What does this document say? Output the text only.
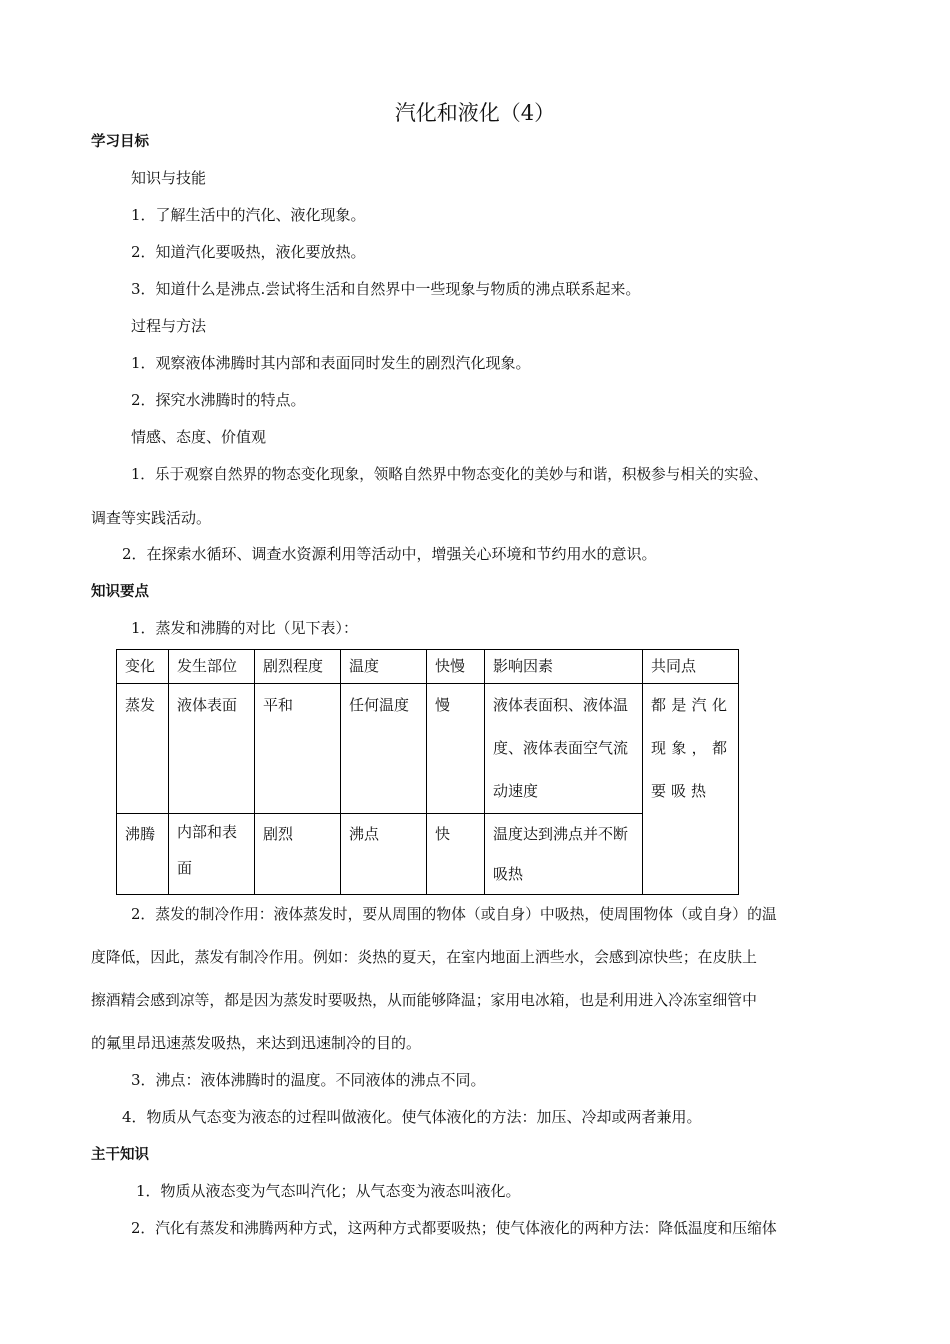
汽化和液化（4）
学习目标
知识与技能
1．了解生活中的汽化、液化现象。
2．知道汽化要吸热，液化要放热。
3．知道什么是沸点.尝试将生活和自然界中一些现象与物质的沸点联系起来。
过程与方法
1．观察液体沸腾时其内部和表面同时发生的剧烈汽化现象。
2．探究水沸腾时的特点。
情感、态度、价值观
1．乐于观察自然界的物态变化现象，领略自然界中物态变化的美妙与和谐，积极参与相关的实验、
调查等实践活动。
2．在探索水循环、调查水资源利用等活动中，增强关心环境和节约用水的意识。
知识要点
1．蒸发和沸腾的对比（见下表）：
变化	发生部位	剧烈程度	温度	快慢	影响因素	共同点
蒸发	液体表面	平和	任何温度	慢	液体表面积、液体温度、液体表面空气流动速度	都是汽化现象，都要吸热
沸腾	内部和表面	剧烈	沸点	快	温度达到沸点并不断吸热	
2．蒸发的制冷作用：液体蒸发时，要从周围的物体（或自身）中吸热，使周围物体（或自身）的温
度降低，因此，蒸发有制冷作用。例如：炎热的夏天，在室内地面上洒些水，会感到凉快些；在皮肤上
擦酒精会感到凉等，都是因为蒸发时要吸热，从而能够降温；家用电冰箱，也是利用进入冷冻室细管中
的氟里昂迅速蒸发吸热，来达到迅速制冷的目的。
3．沸点：液体沸腾时的温度。不同液体的沸点不同。
4．物质从气态变为液态的过程叫做液化。使气体液化的方法：加压、冷却或两者兼用。
主干知识
1．物质从液态变为气态叫汽化；从气态变为液态叫液化。
2．汽化有蒸发和沸腾两种方式，这两种方式都要吸热；使气体液化的两种方法：降低温度和压缩体
